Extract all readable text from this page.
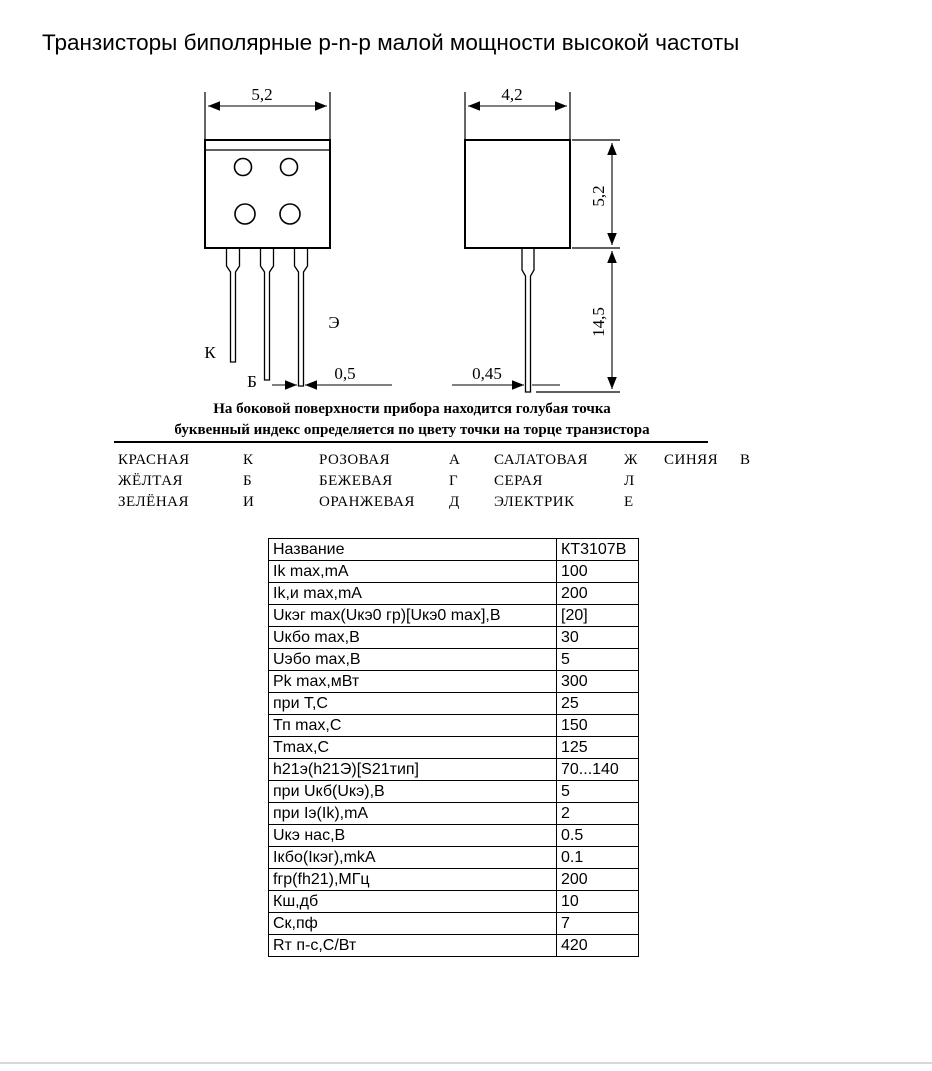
Транзисторы биполярные p-n-p малой мощности высокой частоты
5,2
К
Б
Э
0,5
4,2
5,2
14,5
0,45
На боковой поверхности прибора находится голубая точка
буквенный индекс определяется по цвету точки на торце транзистора
КРАСНАЯ	К	РОЗОВАЯ	А	САЛАТОВАЯ	Ж	СИНЯЯ	В
ЖЁЛТАЯ	Б	БЕЖЕВАЯ	Г	СЕРАЯ	Л
ЗЕЛЁНАЯ	И	ОРАНЖЕВАЯ	Д	ЭЛЕКТРИК	Е
Название	КТ3107В
Ik max,mA	100
Ik,и max,mA	200
Uкэг max(Uкэ0 гр)[Uкэ0 max],В	[20]
Uкбо max,В	30
Uэбо max,В	5
Pk max,мВт	300
при Т,С	25
Тп max,С	150
Tmax,С	125
h21э(h21Э)[S21тип]	70...140
при Uкб(Uкэ),В	5
при Iэ(Ik),mA	2
Uкэ нас,В	0.5
Iкбо(Iкэг),mkA	0.1
fгр(fh21),МГц	200
Кш,дб	10
Ск,пф	7
Rт п-с,С/Вт	420
